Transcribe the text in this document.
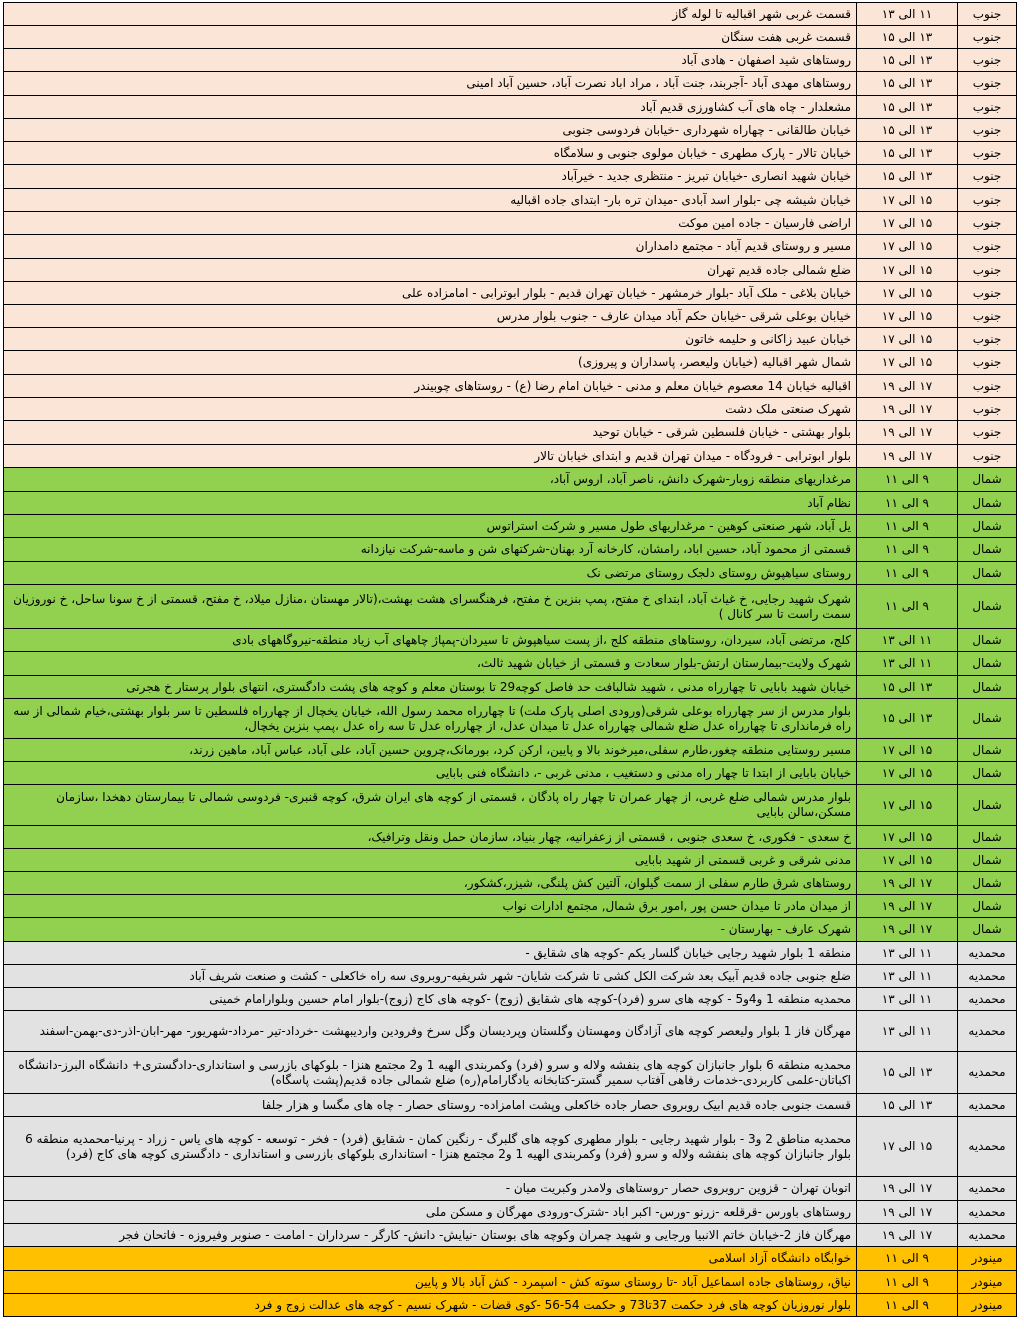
جنوب	۱۱ الی ۱۳	قسمت غربی شهر اقبالیه تا لوله گاز
جنوب	۱۳ الی ۱۵	قسمت غربی هفت سنگان
جنوب	۱۳ الی ۱۵	روستاهای شید اصفهان - هادی آباد
جنوب	۱۳ الی ۱۵	روستاهای مهدی آباد -آجربند، جنت آباد ، مراد اباد نصرت آباد، حسین آباد امینی
جنوب	۱۳ الی ۱۵	مشعلدار - چاه های آب کشاورزی قدیم آباد
جنوب	۱۳ الی ۱۵	خیابان طالقانی - چهاراه شهرداری -خیابان فردوسی جنوبی
جنوب	۱۳ الی ۱۵	خیابان تالار - پارک مطهری - خیابان مولوی جنوبی و سلامگاه
جنوب	۱۳ الی ۱۵	خیابان شهید انصاری -خیابان تبریز - منتظری جدید - خیرآباد
جنوب	۱۵ الی ۱۷	خیابان شیشه چی -بلوار اسد آبادی -میدان تره بار- ابتدای جاده اقبالیه
جنوب	۱۵ الی ۱۷	اراضی فارسیان - جاده امین موکت
جنوب	۱۵ الی ۱۷	مسیر و روستای قدیم آباد - مجتمع دامداران
جنوب	۱۵ الی ۱۷	ضلع شمالی جاده قدیم تهران
جنوب	۱۵ الی ۱۷	خیابان بلاغی - ملک آباد -بلوار خرمشهر - خیابان تهران قدیم - بلوار ابوترابی - امامزاده علی
جنوب	۱۵ الی ۱۷	خیابان بوعلی شرقی -خیابان حکم آباد میدان عارف - جنوب بلوار مدرس
جنوب	۱۵ الی ۱۷	خیابان عبید زاکانی و حلیمه خاتون
جنوب	۱۵ الی ۱۷	شمال شهر اقبالیه (خیابان ولیعصر، پاسداران و پیروزی)
جنوب	۱۷ الی ۱۹	اقبالیه خیابان 14 معصوم خیابان معلم و مدنی - خیابان امام رضا (ع) - روستاهای چوبیندر
جنوب	۱۷ الی ۱۹	شهرک صنعتی ملک دشت
جنوب	۱۷ الی ۱۹	بلوار بهشتی - خیابان فلسطین شرقی - خیابان توحید
جنوب	۱۷ الی ۱۹	بلوار ابوترابی - فرودگاه - میدان تهران قدیم و ابتدای خیابان تالار
شمال	۹ الی ۱۱	مرغداریهای منطقه زوبار-شهرک دانش، ناصر آباد، اروس آباد،
شمال	۹ الی ۱۱	نظام آباد
شمال	۹ الی ۱۱	یل آباد، شهر صنعتی کوهین - مرغداریهای طول مسیر و شرکت استراتوس
شمال	۹ الی ۱۱	قسمتی از محمود آباد، حسین اباد، رامشان، کارخانه آرد بهنان-شرکتهای شن و ماسه-شرکت نیازدانه
شمال	۹ الی ۱۱	روستای سیاهپوش روستای دلجک روستای مرتضی نک
شمال	۹ الی ۱۱	شهرک شهید رجایی، خ غیاث آباد، ابتدای خ مفتح، پمپ بنزین خ مفتح، فرهنگسرای هشت بهشت،(تالار مهستان ،منازل میلاد، خ مفتح، قسمتی از خ سونا ساحل، خ نوروزیان سمت راست تا سر کانال )
شمال	۱۱ الی ۱۳	کلج، مرتضی آباد، سیردان، روستاهای منطقه کلج ،از پست سیاهپوش تا سیردان-پمپاژ چاههای آب زیاد منطقه-نیروگاههای بادی
شمال	۱۱ الی ۱۳	شهرک ولایت-بیمارستان ارتش-بلوار سعادت و قسمتی از خیابان شهید ثالث،
شمال	۱۳ الی ۱۵	خیابان شهید بابایی تا چهارراه مدنی ، شهید شالبافت حد فاصل کوچه29 تا بوستان معلم و کوچه های پشت دادگستری، انتهای بلوار پرستار خ هجرتی
شمال	۱۳ الی ۱۵	بلوار مدرس از سر چهارراه بوعلی شرقی(ورودی اصلی پارک ملت) تا چهارراه محمد رسول الله، خیابان یخچال از چهارراه فلسطین تا سر بلوار بهشتی،خیام شمالی از سه راه فرمانداری تا چهارراه عدل ضلع شمالی چهارراه عدل تا میدان عدل، از چهارراه عدل تا سه راه عدل ،پمپ بنزین یخچال،
شمال	۱۵ الی ۱۷	مسیر روستایی منطقه چغور،طارم سفلی،میرخوند بالا و پایین، ارکن کرد، بورمانک،چروین حسین آباد، علی آباد، عباس آباد، ماهین زرند،
شمال	۱۵ الی ۱۷	خیابان بابایی از ابتدا تا چهار راه مدنی و دستغیب ، مدنی غربی -، دانشگاه فنی بابایی
شمال	۱۵ الی ۱۷	بلوار مدرس شمالی ضلع غربی، از چهار عمران تا چهار راه پادگان ، قسمتی از کوچه های ایران شرق، کوچه قنبری- فردوسی شمالی تا بیمارستان دهخدا ،سازمان مسکن،سالن بابایی
شمال	۱۵ الی ۱۷	خ سعدی - فکوری، خ سعدی جنوبی ، قسمتی از زعفرانیه، چهار بنیاد، سازمان حمل ونقل وترافیک،
شمال	۱۵ الی ۱۷	مدنی شرقی و غربی قسمتی از شهید بابایی
شمال	۱۷ الی ۱۹	روستاهای شرق طارم سفلی از سمت گیلوان، آلتین کش پلنگی، شیزر،کشکور،
شمال	۱۷ الی ۱۹	از میدان مادر تا میدان حسن پور ,امور برق شمال, مجتمع ادارات نواب
شمال	۱۷ الی ۱۹	شهرک عارف - بهارستان -
محمدیه	۱۱ الی ۱۳	منطقه 1 بلوار شهید رجایی خیابان گلسار یکم -کوچه های شقایق -
محمدیه	۱۱ الی ۱۳	ضلع جنوبی جاده قدیم آبیک بعد شرکت الکل کشی تا شرکت شایان- شهر شریفیه-روبروی سه راه خاکعلی - کشت و صنعت شریف آباد
محمدیه	۱۱ الی ۱۳	محمدیه منطقه 1 و4و5 - کوچه های سرو (فرد)-کوچه های شقایق (زوج) -کوچه های کاج (زوج)-بلوار امام حسین وبلوارامام خمینی
محمدیه	۱۱ الی ۱۳	مهرگان فاز 1 بلوار ولیعصر کوچه های آزادگان ومهستان وگلستان وپردیسان وگل سرخ وفرودین واردیبهشت -خرداد-تیر -مرداد-شهریور- مهر-ابان-اذر-دی-بهمن-اسفند
محمدیه	۱۳ الی ۱۵	محمدیه منطقه 6 بلوار جانبازان کوچه های بنفشه ولاله و سرو (فرد) وکمربندی الهیه 1 و2 مجتمع هنزا - بلوکهای بازرسی و استانداری-دادگستری+ دانشگاه البرز-دانشگاه اکباتان-علمی کاربردی-خدمات رفاهی آفتاب سمیر گستر-کتابخانه یادگارامام(ره) ضلع شمالی جاده قدیم(پشت پاسگاه)
محمدیه	۱۳ الی ۱۵	قسمت جنوبی جاده قدیم ابیک روبروی حصار جاده خاکعلی وپشت امامزاده- روستای حصار - چاه های مگسا و هزار جلفا
محمدیه	۱۵ الی ۱۷	محمدیه مناطق 2 و3 - بلوار شهید رجایی - بلوار مطهری کوچه های گلبرگ - رنگین کمان - شقایق (فرد) - فخر - توسعه - کوچه های یاس - زراد - پرنیا-محمدیه منطقه 6 بلوار جانبازان کوچه های بنفشه ولاله و سرو (فرد) وکمربندی الهیه 1 و2 مجتمع هنزا - استانداری بلوکهای بازرسی و استانداری - دادگستری کوچه های کاج (فرد)
محمدیه	۱۷ الی ۱۹	اتوبان تهران - قزوین -روبروی حصار -روستاهای ولامدر وکبریت میان -
محمدیه	۱۷ الی ۱۹	روستاهای باورس -قرقلعه -زرنو -ورس- اکبر اباد -شترک-ورودی مهرگان و مسکن ملی
محمدیه	۱۷ الی ۱۹	مهرگان فاز 2-خیابان خاتم الانبیا ورجایی و شهید چمران وکوچه های بوستان -نیایش- دانش- کارگر - سرداران - امامت - صنوبر وفیروزه - فاتحان فجر
مینودر	۹ الی ۱۱	خوابگاه دانشگاه آزاد اسلامی
مینودر	۹ الی ۱۱	نیاق، روستاهای جاده اسماعیل آباد -تا روستای سوته کش - اسپمرد - کش آباد بالا و پایین
مینودر	۹ الی ۱۱	بلوار نوروزیان کوچه های فرد حکمت 37تا73 و حکمت 54-56 -کوی قضات - شهرک نسیم - کوچه های عدالت زوج و فرد
